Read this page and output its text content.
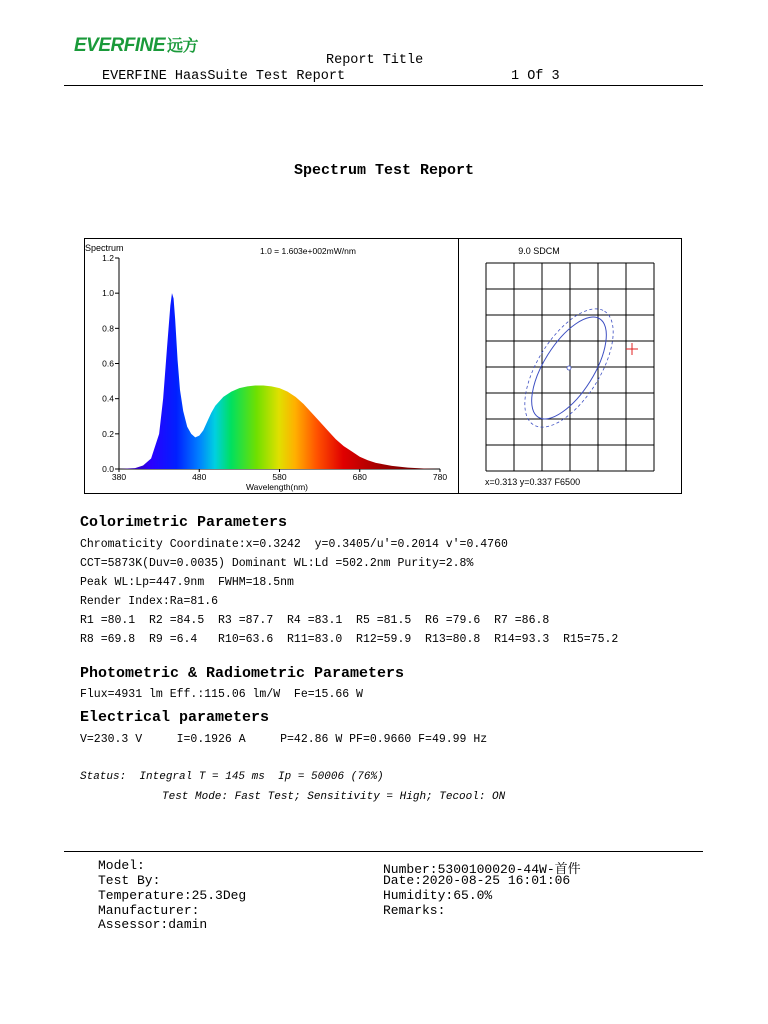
EVERFINE 远方
Report Title
EVERFINE HaasSuite Test Report	1 Of 3
Spectrum Test Report
Spectrum	1.0 = 1.603e+002mW/nm
0.0
0.2
0.4
0.6
0.8
1.0
1.2
380	480	580	680	780
Wavelength(nm)
9.0 SDCM
x=0.313 y=0.337 F6500
Colorimetric Parameters
Chromaticity Coordinate:x=0.3242  y=0.3405/u'=0.2014 v'=0.4760
CCT=5873K(Duv=0.0035) Dominant WL:Ld =502.2nm Purity=2.8%
Peak WL:Lp=447.9nm  FWHM=18.5nm
Render Index:Ra=81.6
R1 =80.1  R2 =84.5  R3 =87.7  R4 =83.1  R5 =81.5  R6 =79.6  R7 =86.8
R8 =69.8  R9 =6.4   R10=63.6  R11=83.0  R12=59.9  R13=80.8  R14=93.3  R15=75.2
Photometric & Radiometric Parameters
Flux=4931 lm Eff.:115.06 lm/W  Fe=15.66 W
Electrical parameters
V=230.3 V     I=0.1926 A     P=42.86 W PF=0.9660 F=49.99 Hz
Status:  Integral T = 145 ms  Ip = 50006 (76%)
Test Mode: Fast Test; Sensitivity = High; Tecool: ON
Model:
Test By:
Temperature:25.3Deg
Manufacturer:
Assessor:damin
Number:5300100020-44W-首件
Date:2020-08-25 16:01:06
Humidity:65.0%
Remarks:
